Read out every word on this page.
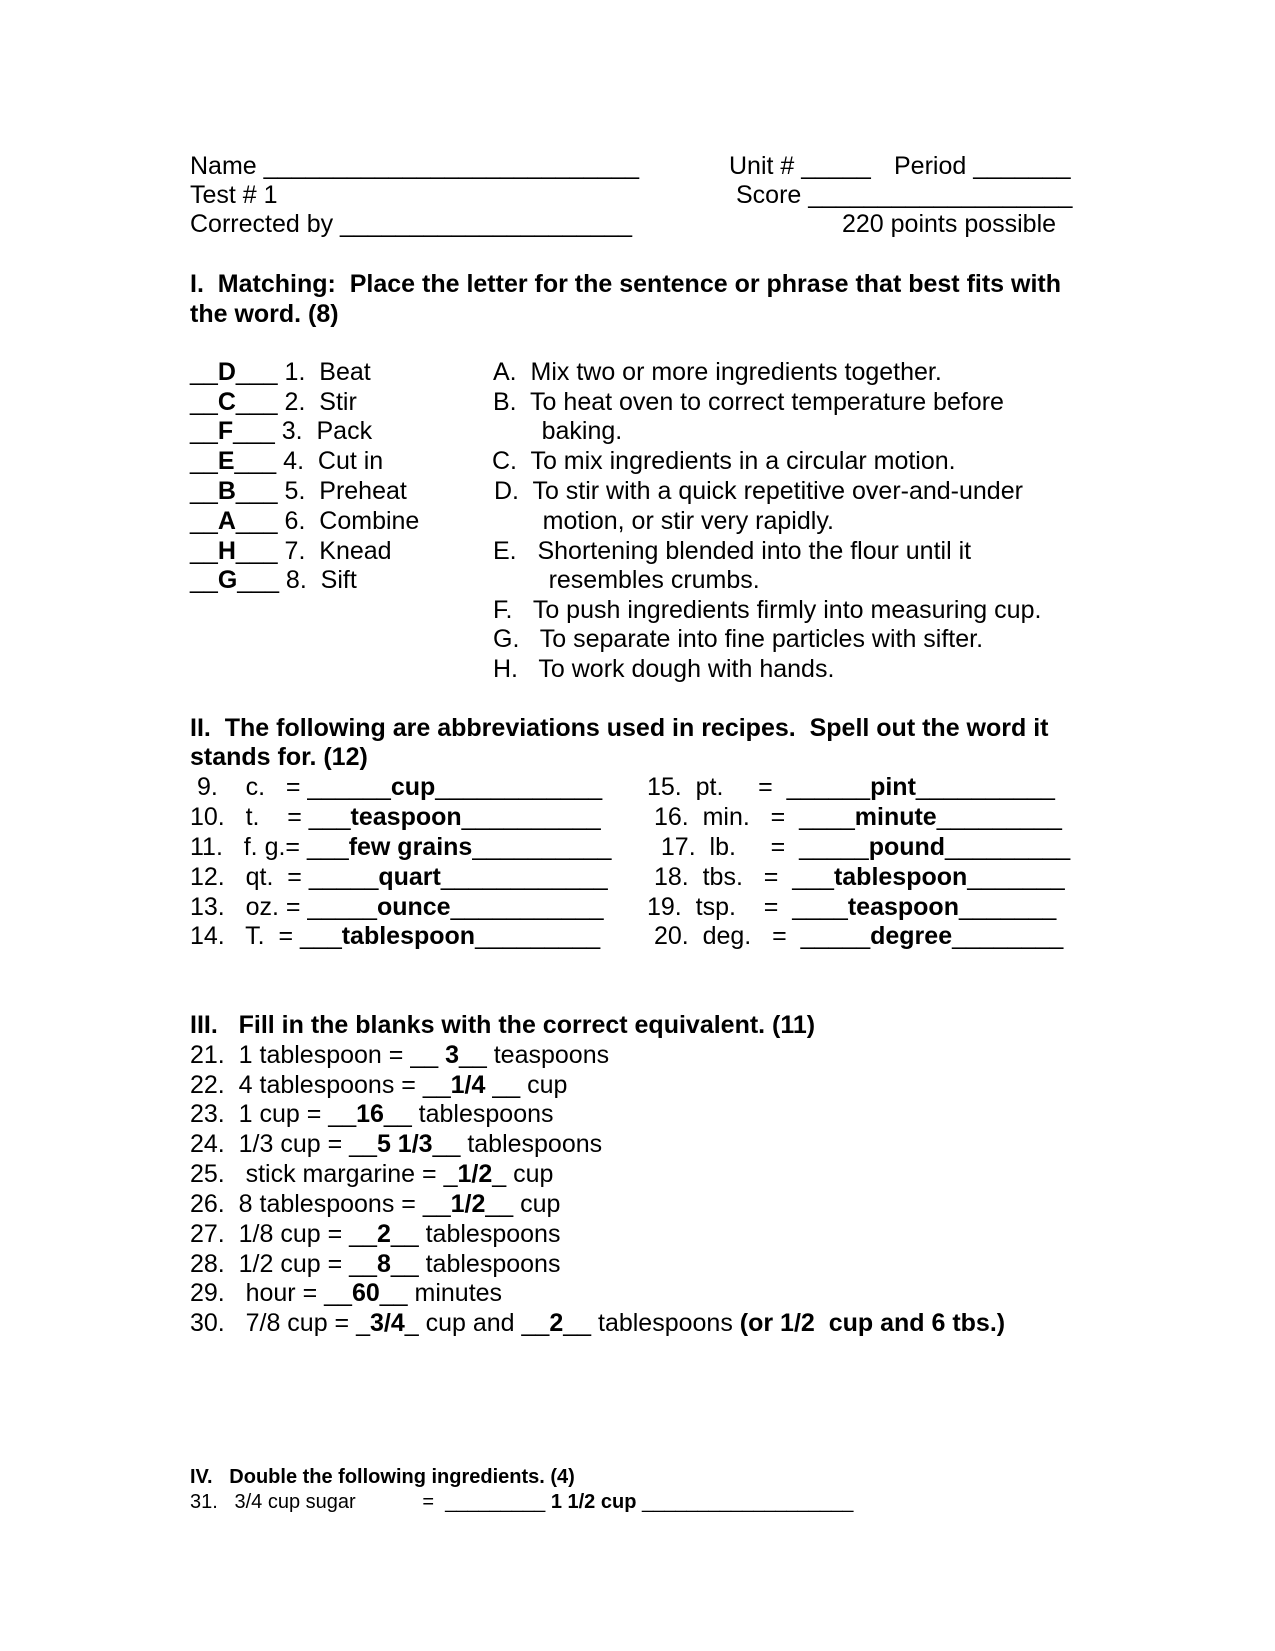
Name ___________________________	Unit # _____ Period _______
Test # 1	Score ___________________
Corrected by _____________________	220 points possible
I.  Matching:  Place the letter for the sentence or phrase that best fits with
the word. (8)
__D___ 1.  Beat
__C___ 2.  Stir
__F___ 3.  Pack
__E___ 4.  Cut in
__B___ 5.  Preheat
__A___ 6.  Combine
__H___ 7.  Knead
__G___ 8.  Sift
A.  Mix two or more ingredients together.
B.  To heat oven to correct temperature before
baking.
C.  To mix ingredients in a circular motion.
D.  To stir with a quick repetitive over-and-under
motion, or stir very rapidly.
E.   Shortening blended into the flour until it
resembles crumbs.
F.   To push ingredients firmly into measuring cup.
G.   To separate into fine particles with sifter.
H.   To work dough with hands.
II.  The following are abbreviations used in recipes.  Spell out the word it
stands for. (12)
9.    c.   = ______cup____________
10.   t.    = ___teaspoon__________
11.   f. g.= ___few grains__________
12.   qt.  = _____quart____________
13.   oz. = _____ounce___________
14.   T.  = ___tablespoon_________
15.  pt.     =  ______pint__________
16.  min.   =  ____minute_________
17.  lb.     =  _____pound_________
18.  tbs.   =  ___tablespoon_______
19.  tsp.    =  ____teaspoon_______
20.  deg.   =  _____degree________
III.   Fill in the blanks with the correct equivalent. (11)
21.  1 tablespoon = __ 3__ teaspoons
22.  4 tablespoons = __1/4 __ cup
23.  1 cup = __16__ tablespoons
24.  1/3 cup = __5 1/3__ tablespoons
25.   stick margarine = _1/2_ cup
26.  8 tablespoons = __1/2__ cup
27.  1/8 cup = __2__ tablespoons
28.  1/2 cup = __8__ tablespoons
29.   hour = __60__ minutes
30.   7/8 cup = _3/4_ cup and __2__ tablespoons (or 1/2  cup and 6 tbs.)
IV.   Double the following ingredients. (4)
31.   3/4 cup sugar            =  _________ 1 1/2 cup ___________________
